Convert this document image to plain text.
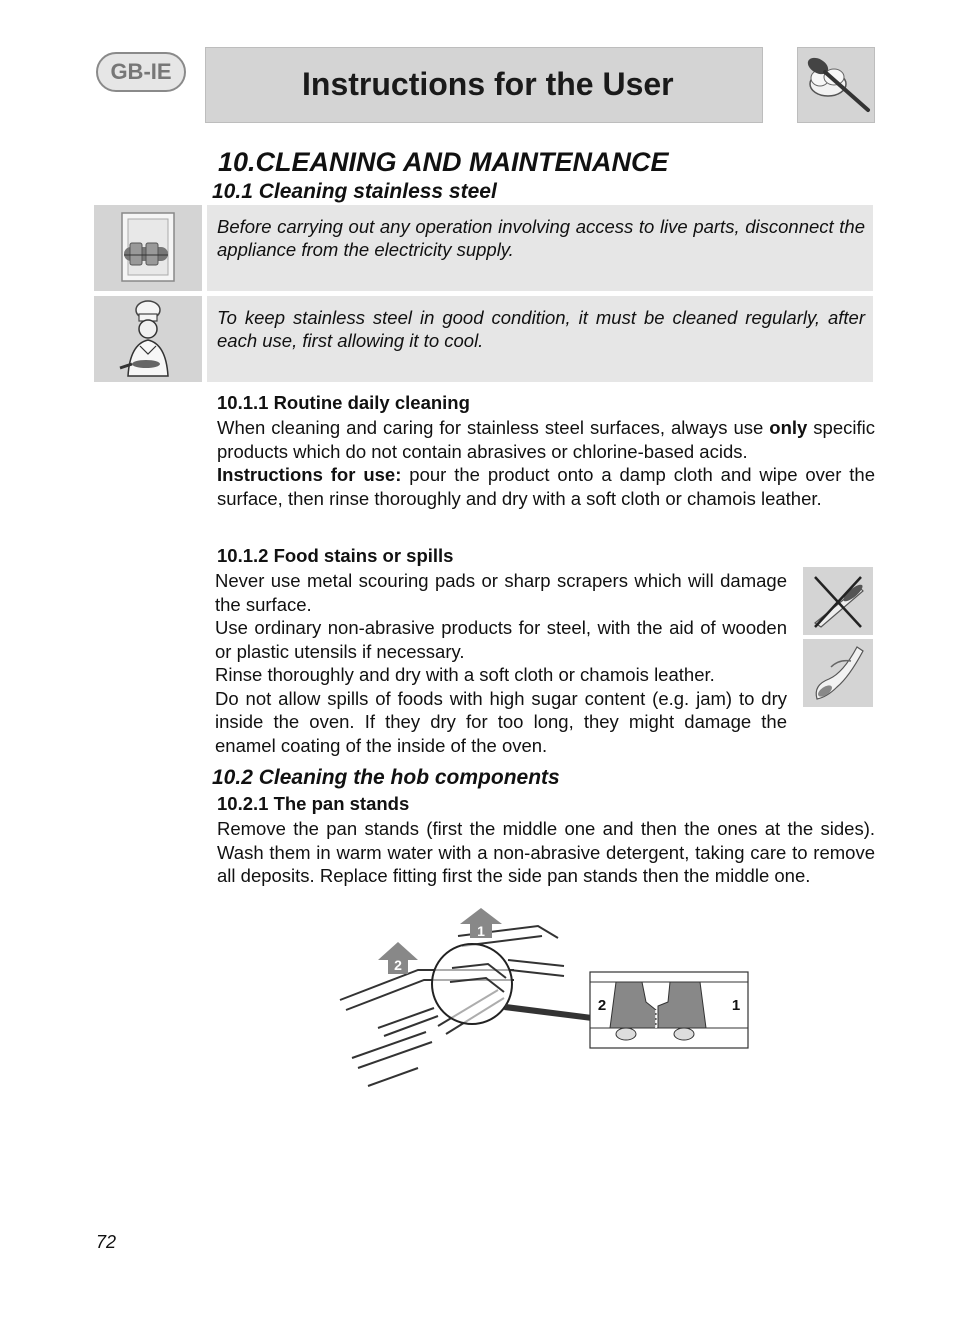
GB-IE	Instructions for the User
10.CLEANING AND MAINTENANCE
10.1 Cleaning stainless steel

Before carrying out any operation involving access to live parts, disconnect the appliance from the electricity supply.

To keep stainless steel in good condition, it must be cleaned regularly, after each use, first allowing it to cool.

10.1.1 Routine daily cleaning

When cleaning and caring for stainless steel surfaces, always use only specific products which do not contain abrasives or chlorine-based acids.

Instructions for use: pour the product onto a damp cloth and wipe over the surface, then rinse thoroughly and dry with a soft cloth or chamois leather.

10.1.2 Food stains or spills

Never use metal scouring pads or sharp scrapers which will damage the surface.

Use ordinary non-abrasive products for steel, with the aid of wooden or plastic utensils if necessary.

Rinse thoroughly and dry with a soft cloth or chamois leather.

Do not allow spills of foods with high sugar content (e.g. jam) to dry inside the oven. If they dry for too long, they might damage the enamel coating of the inside of the oven.

10.2 Cleaning the hob components
10.2.1 The pan stands

Remove the pan stands (first the middle one and then the ones at the sides). Wash them in warm water with a non-abrasive detergent, taking care to remove all deposits. Replace fitting first the side pan stands then the middle one.

1
2
2	1
72
